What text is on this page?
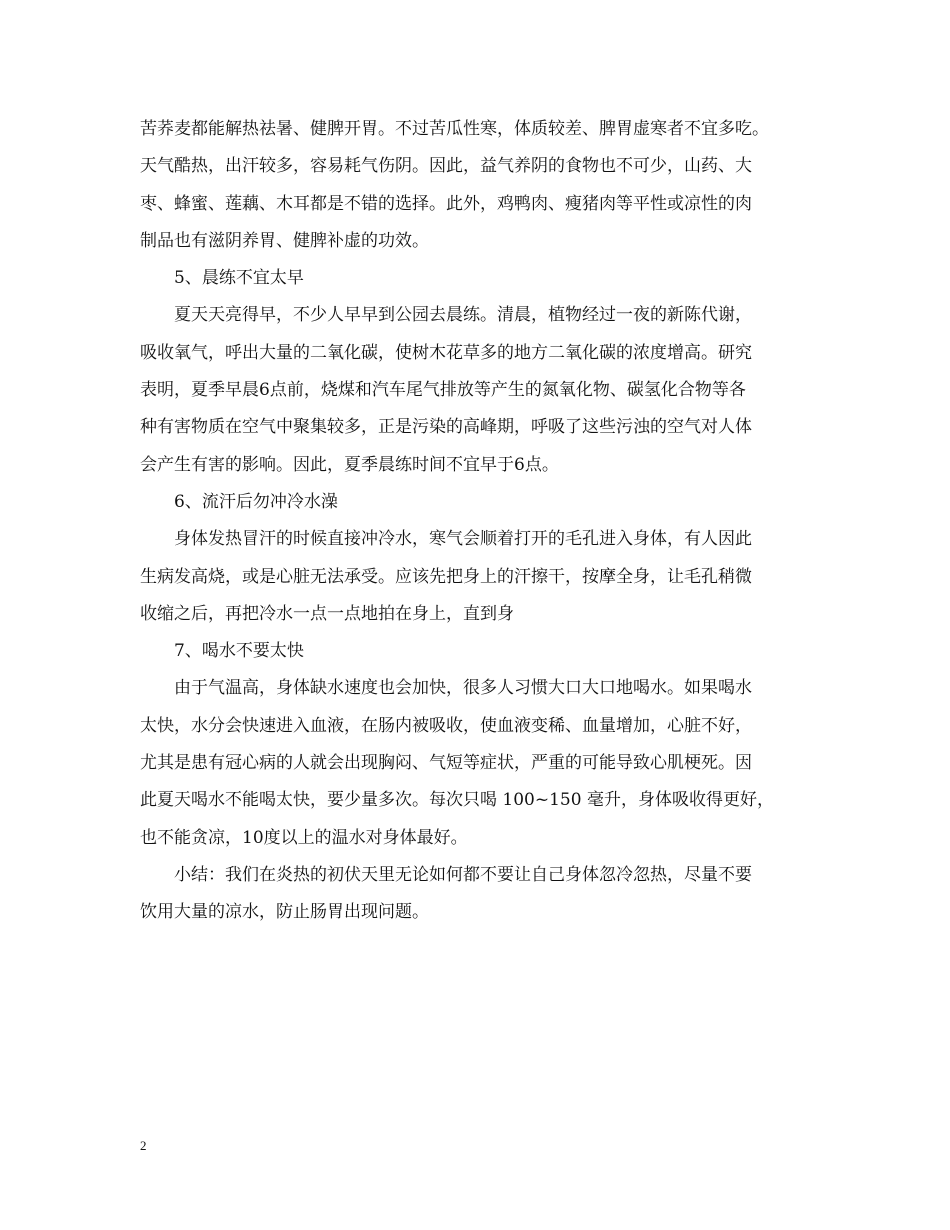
苦荞麦都能解热祛暑、健脾开胃。不过苦瓜性寒，体质较差、脾胃虚寒者不宜多吃。
天气酷热，出汗较多，容易耗气伤阴。因此，益气养阴的食物也不可少，山药、大
枣、蜂蜜、莲藕、木耳都是不错的选择。此外，鸡鸭肉、瘦猪肉等平性或凉性的肉
制品也有滋阴养胃、健脾补虚的功效。
5、晨练不宜太早
夏天天亮得早，不少人早早到公园去晨练。清晨，植物经过一夜的新陈代谢，
吸收氧气，呼出大量的二氧化碳，使树木花草多的地方二氧化碳的浓度增高。研究
表明，夏季早晨6点前，烧煤和汽车尾气排放等产生的氮氧化物、碳氢化合物等各
种有害物质在空气中聚集较多，正是污染的高峰期，呼吸了这些污浊的空气对人体
会产生有害的影响。因此，夏季晨练时间不宜早于6点。
6、流汗后勿冲冷水澡
身体发热冒汗的时候直接冲冷水，寒气会顺着打开的毛孔进入身体，有人因此
生病发高烧，或是心脏无法承受。应该先把身上的汗擦干，按摩全身，让毛孔稍微
收缩之后，再把冷水一点一点地拍在身上，直到身
7、喝水不要太快
由于气温高，身体缺水速度也会加快，很多人习惯大口大口地喝水。如果喝水
太快，水分会快速进入血液，在肠内被吸收，使血液变稀、血量增加，心脏不好，
尤其是患有冠心病的人就会出现胸闷、气短等症状，严重的可能导致心肌梗死。因
此夏天喝水不能喝太快，要少量多次。每次只喝 100~150 毫升，身体吸收得更好，
也不能贪凉，10度以上的温水对身体最好。
小结：我们在炎热的初伏天里无论如何都不要让自己身体忽冷忽热，尽量不要
饮用大量的凉水，防止肠胃出现问题。
2
